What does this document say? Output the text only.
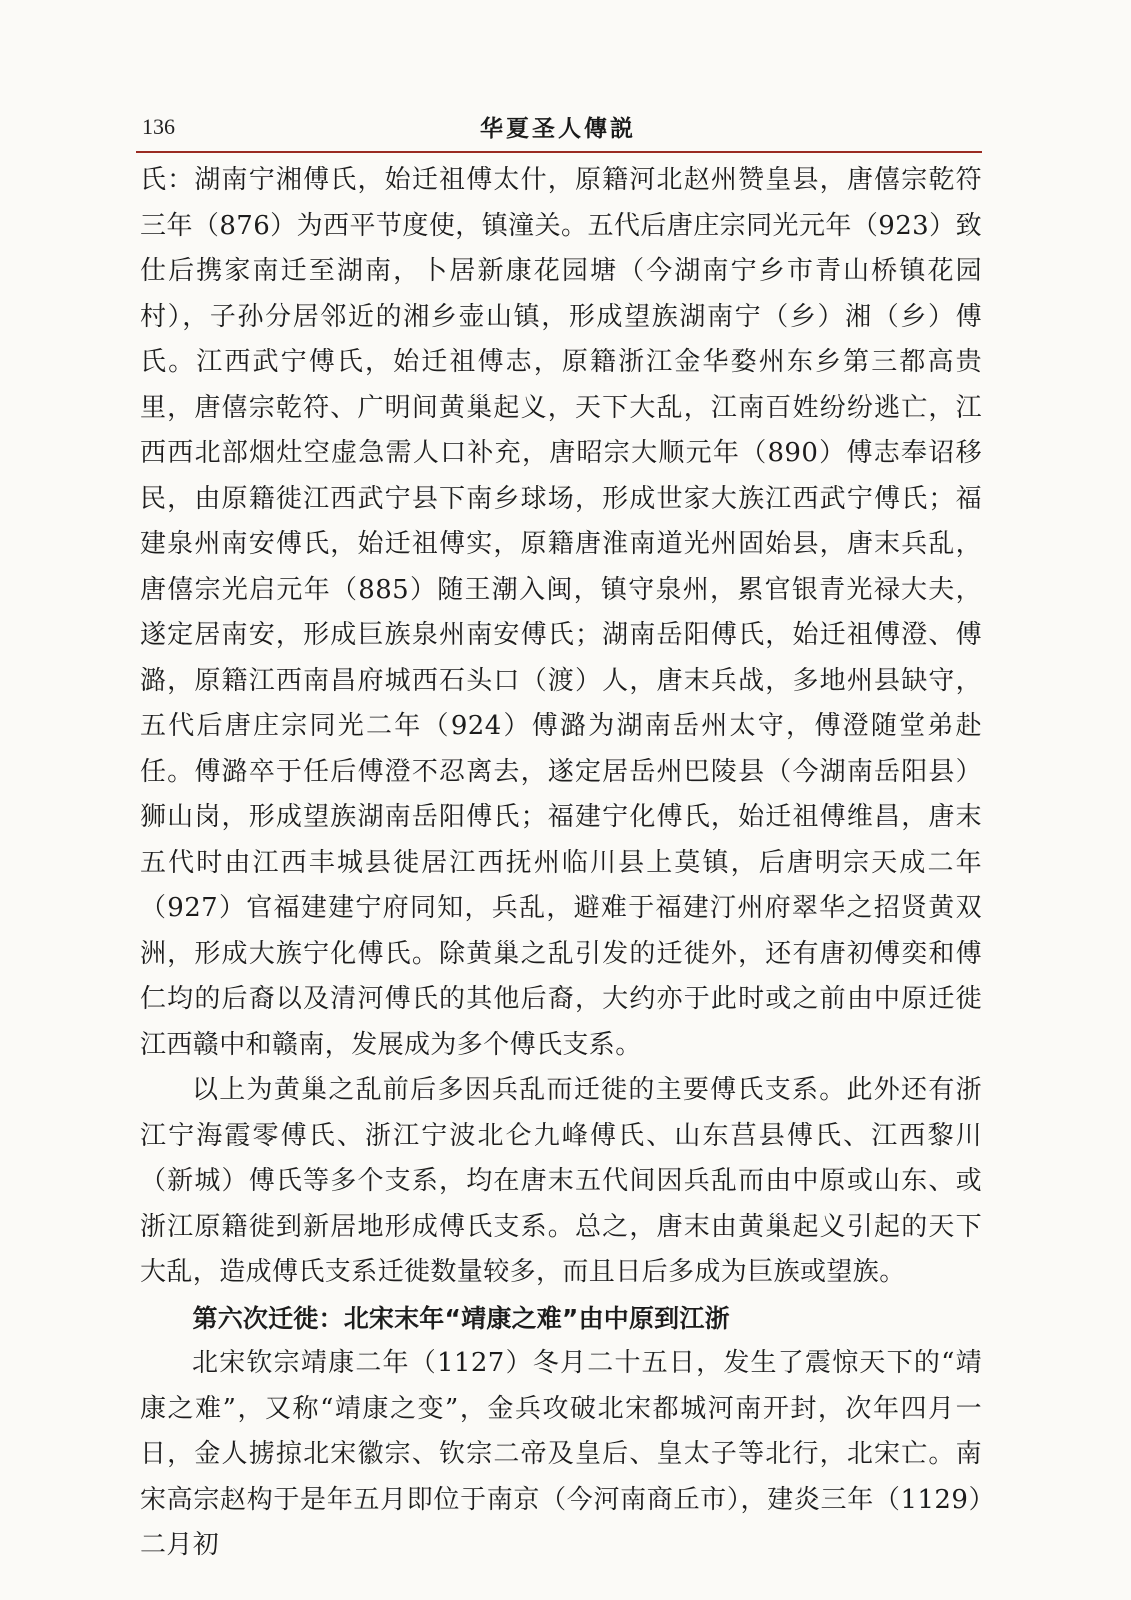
136	华夏圣人傳説

氏：湖南宁湘傅氏，始迁祖傅太什，原籍河北赵州赞皇县，唐僖宗乾符三年（876）为西平节度使，镇潼关。五代后唐庄宗同光元年（923）致仕后携家南迁至湖南，卜居新康花园塘（今湖南宁乡市青山桥镇花园村），子孙分居邻近的湘乡壶山镇，形成望族湖南宁（乡）湘（乡）傅氏。江西武宁傅氏，始迁祖傅志，原籍浙江金华婺州东乡第三都高贵里，唐僖宗乾符、广明间黄巢起义，天下大乱，江南百姓纷纷逃亡，江西西北部烟灶空虚急需人口补充，唐昭宗大顺元年（890）傅志奉诏移民，由原籍徙江西武宁县下南乡球场，形成世家大族江西武宁傅氏；福建泉州南安傅氏，始迁祖傅实，原籍唐淮南道光州固始县，唐末兵乱，唐僖宗光启元年（885）随王潮入闽，镇守泉州，累官银青光禄大夫，遂定居南安，形成巨族泉州南安傅氏；湖南岳阳傅氏，始迁祖傅澄、傅潞，原籍江西南昌府城西石头口（渡）人，唐末兵战，多地州县缺守，五代后唐庄宗同光二年（924）傅潞为湖南岳州太守，傅澄随堂弟赴任。傅潞卒于任后傅澄不忍离去，遂定居岳州巴陵县（今湖南岳阳县）狮山岗，形成望族湖南岳阳傅氏；福建宁化傅氏，始迁祖傅维昌，唐末五代时由江西丰城县徙居江西抚州临川县上莫镇，后唐明宗天成二年（927）官福建建宁府同知，兵乱，避难于福建汀州府翠华之招贤黄双洲，形成大族宁化傅氏。除黄巢之乱引发的迁徙外，还有唐初傅奕和傅仁均的后裔以及清河傅氏的其他后裔，大约亦于此时或之前由中原迁徙江西赣中和赣南，发展成为多个傅氏支系。

以上为黄巢之乱前后多因兵乱而迁徙的主要傅氏支系。此外还有浙江宁海霞零傅氏、浙江宁波北仑九峰傅氏、山东莒县傅氏、江西黎川（新城）傅氏等多个支系，均在唐末五代间因兵乱而由中原或山东、或浙江原籍徙到新居地形成傅氏支系。总之，唐末由黄巢起义引起的天下大乱，造成傅氏支系迁徙数量较多，而且日后多成为巨族或望族。

第六次迁徙：北宋末年“靖康之难”由中原到江浙

北宋钦宗靖康二年（1127）冬月二十五日，发生了震惊天下的“靖康之难”，又称“靖康之变”，金兵攻破北宋都城河南开封，次年四月一日，金人掳掠北宋徽宗、钦宗二帝及皇后、皇太子等北行，北宋亡。南宋高宗赵构于是年五月即位于南京（今河南商丘市），建炎三年（1129）二月初
